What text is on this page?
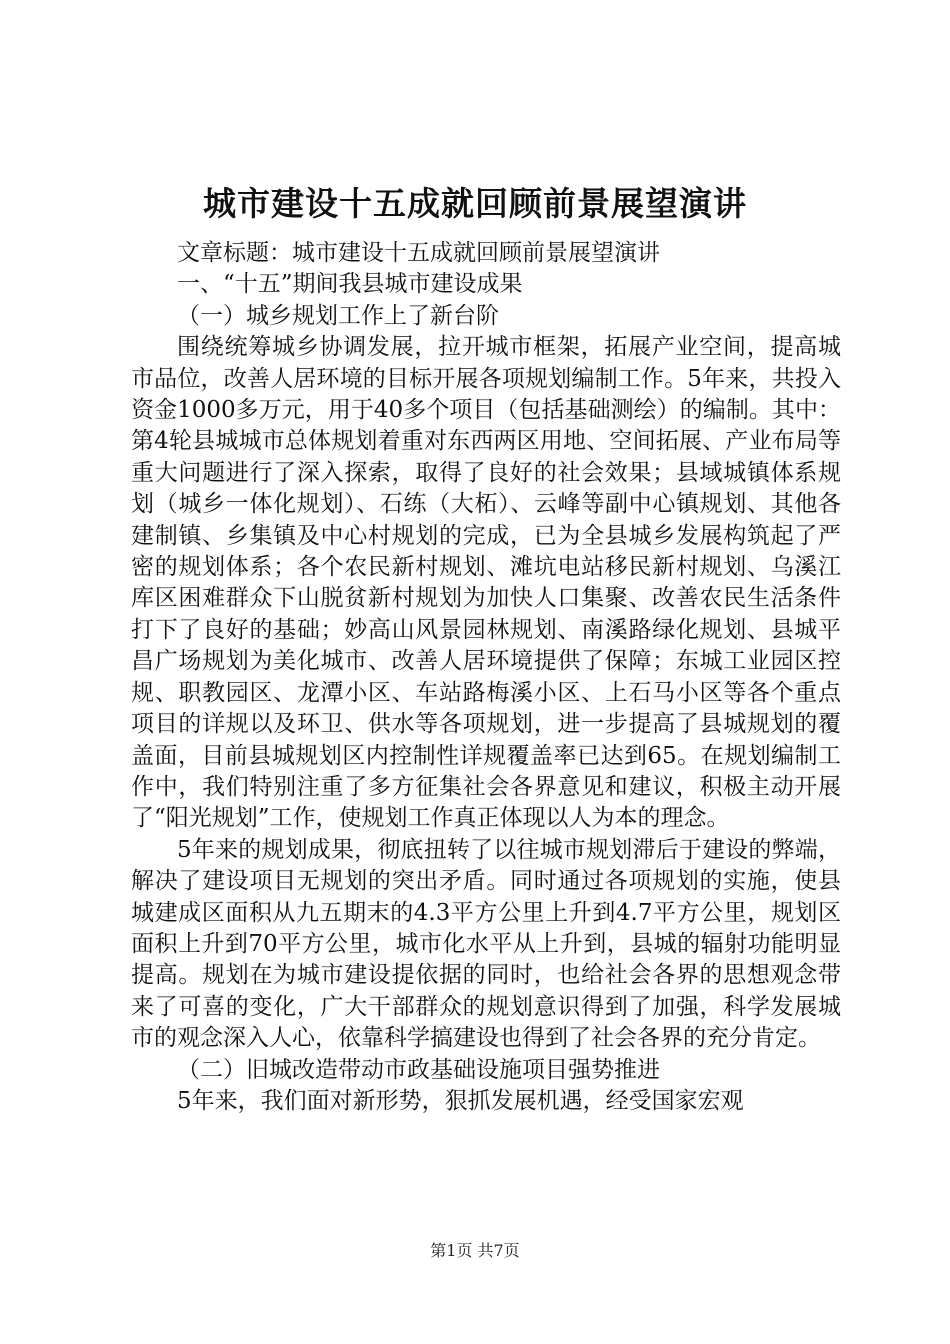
城市建设十五成就回顾前景展望演讲

文章标题：城市建设十五成就回顾前景展望演讲

一、“十五”期间我县城市建设成果

（一）城乡规划工作上了新台阶

围绕统筹城乡协调发展，拉开城市框架，拓展产业空间，提高城市品位，改善人居环境的目标开展各项规划编制工作。5年来，共投入资金1000多万元，用于40多个项目（包括基础测绘）的编制。其中：第4轮县城城市总体规划着重对东西两区用地、空间拓展、产业布局等重大问题进行了深入探索，取得了良好的社会效果；县域城镇体系规划（城乡一体化规划）、石练（大柘）、云峰等副中心镇规划、其他各建制镇、乡集镇及中心村规划的完成，已为全县城乡发展构筑起了严密的规划体系；各个农民新村规划、滩坑电站移民新村规划、乌溪江库区困难群众下山脱贫新村规划为加快人口集聚、改善农民生活条件打下了良好的基础；妙高山风景园林规划、南溪路绿化规划、县城平昌广场规划为美化城市、改善人居环境提供了保障；东城工业园区控规、职教园区、龙潭小区、车站路梅溪小区、上石马小区等各个重点项目的详规以及环卫、供水等各项规划，进一步提高了县城规划的覆盖面，目前县城规划区内控制性详规覆盖率已达到65。在规划编制工作中，我们特别注重了多方征集社会各界意见和建议，积极主动开展了“阳光规划”工作，使规划工作真正体现以人为本的理念。

5年来的规划成果，彻底扭转了以往城市规划滞后于建设的弊端，解决了建设项目无规划的突出矛盾。同时通过各项规划的实施，使县城建成区面积从九五期末的4.3平方公里上升到4.7平方公里，规划区面积上升到70平方公里，城市化水平从上升到，县城的辐射功能明显提高。规划在为城市建设提依据的同时，也给社会各界的思想观念带来了可喜的变化，广大干部群众的规划意识得到了加强，科学发展城市的观念深入人心，依靠科学搞建设也得到了社会各界的充分肯定。

（二）旧城改造带动市政基础设施项目强势推进

5年来，我们面对新形势，狠抓发展机遇，经受国家宏观

第1页 共7页
